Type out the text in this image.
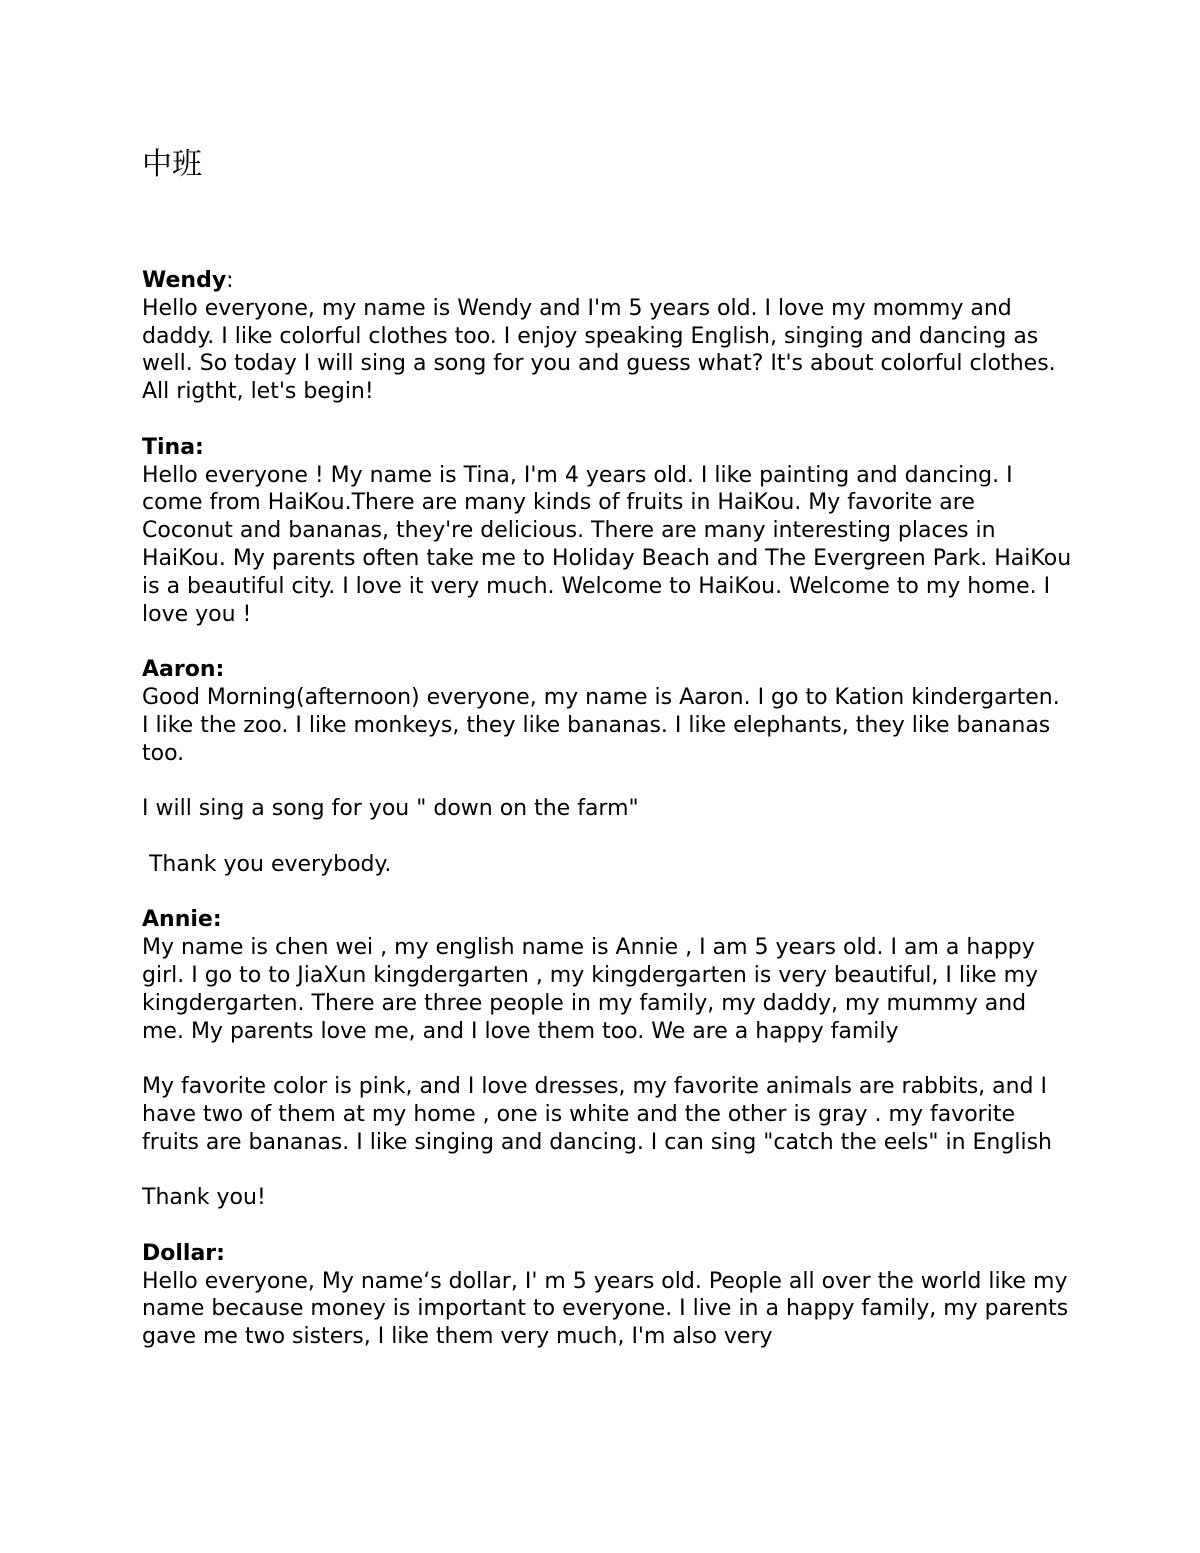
中班

Wendy:

Hello everyone, my name is Wendy and I'm 5 years old. I love my mommy and daddy. I like colorful clothes too. I enjoy speaking English, singing and dancing as well. So today I will sing a song for you and guess what? It's about colorful clothes. All rigtht, let's begin!

Tina:

Hello everyone ! My name is Tina, I'm 4 years old. I like painting and dancing. I come from HaiKou.There are many kinds of fruits in HaiKou. My favorite are Coconut and bananas, they're delicious. There are many interesting places in HaiKou. My parents often take me to Holiday Beach and The Evergreen Park. HaiKou is a beautiful city. I love it very much. Welcome to HaiKou. Welcome to my home. I love you !

Aaron:

Good Morning(afternoon) everyone, my name is Aaron. I go to Kation kindergarten. I like the zoo. I like monkeys, they like bananas. I like elephants, they like bananas too.

I will sing a song for you " down on the farm"

Thank you everybody.

Annie:

My name is chen wei , my english name is Annie , I am 5 years old. I am a happy girl. I go to to JiaXun kingdergarten , my kingdergarten is very beautiful, I like my kingdergarten. There are three people in my family, my daddy, my mummy and me. My parents love me, and I love them too. We are a happy family

My favorite color is pink, and I love dresses, my favorite animals are rabbits, and I have two of them at my home , one is white and the other is gray . my favorite fruits are bananas. I like singing and dancing. I can sing "catch the eels" in English

Thank you!

Dollar:

Hello everyone, My name‘s dollar, I' m 5 years old. People all over the world like my name because money is important to everyone. I live in a happy family, my parents gave me two sisters, I like them very much, I'm also very
